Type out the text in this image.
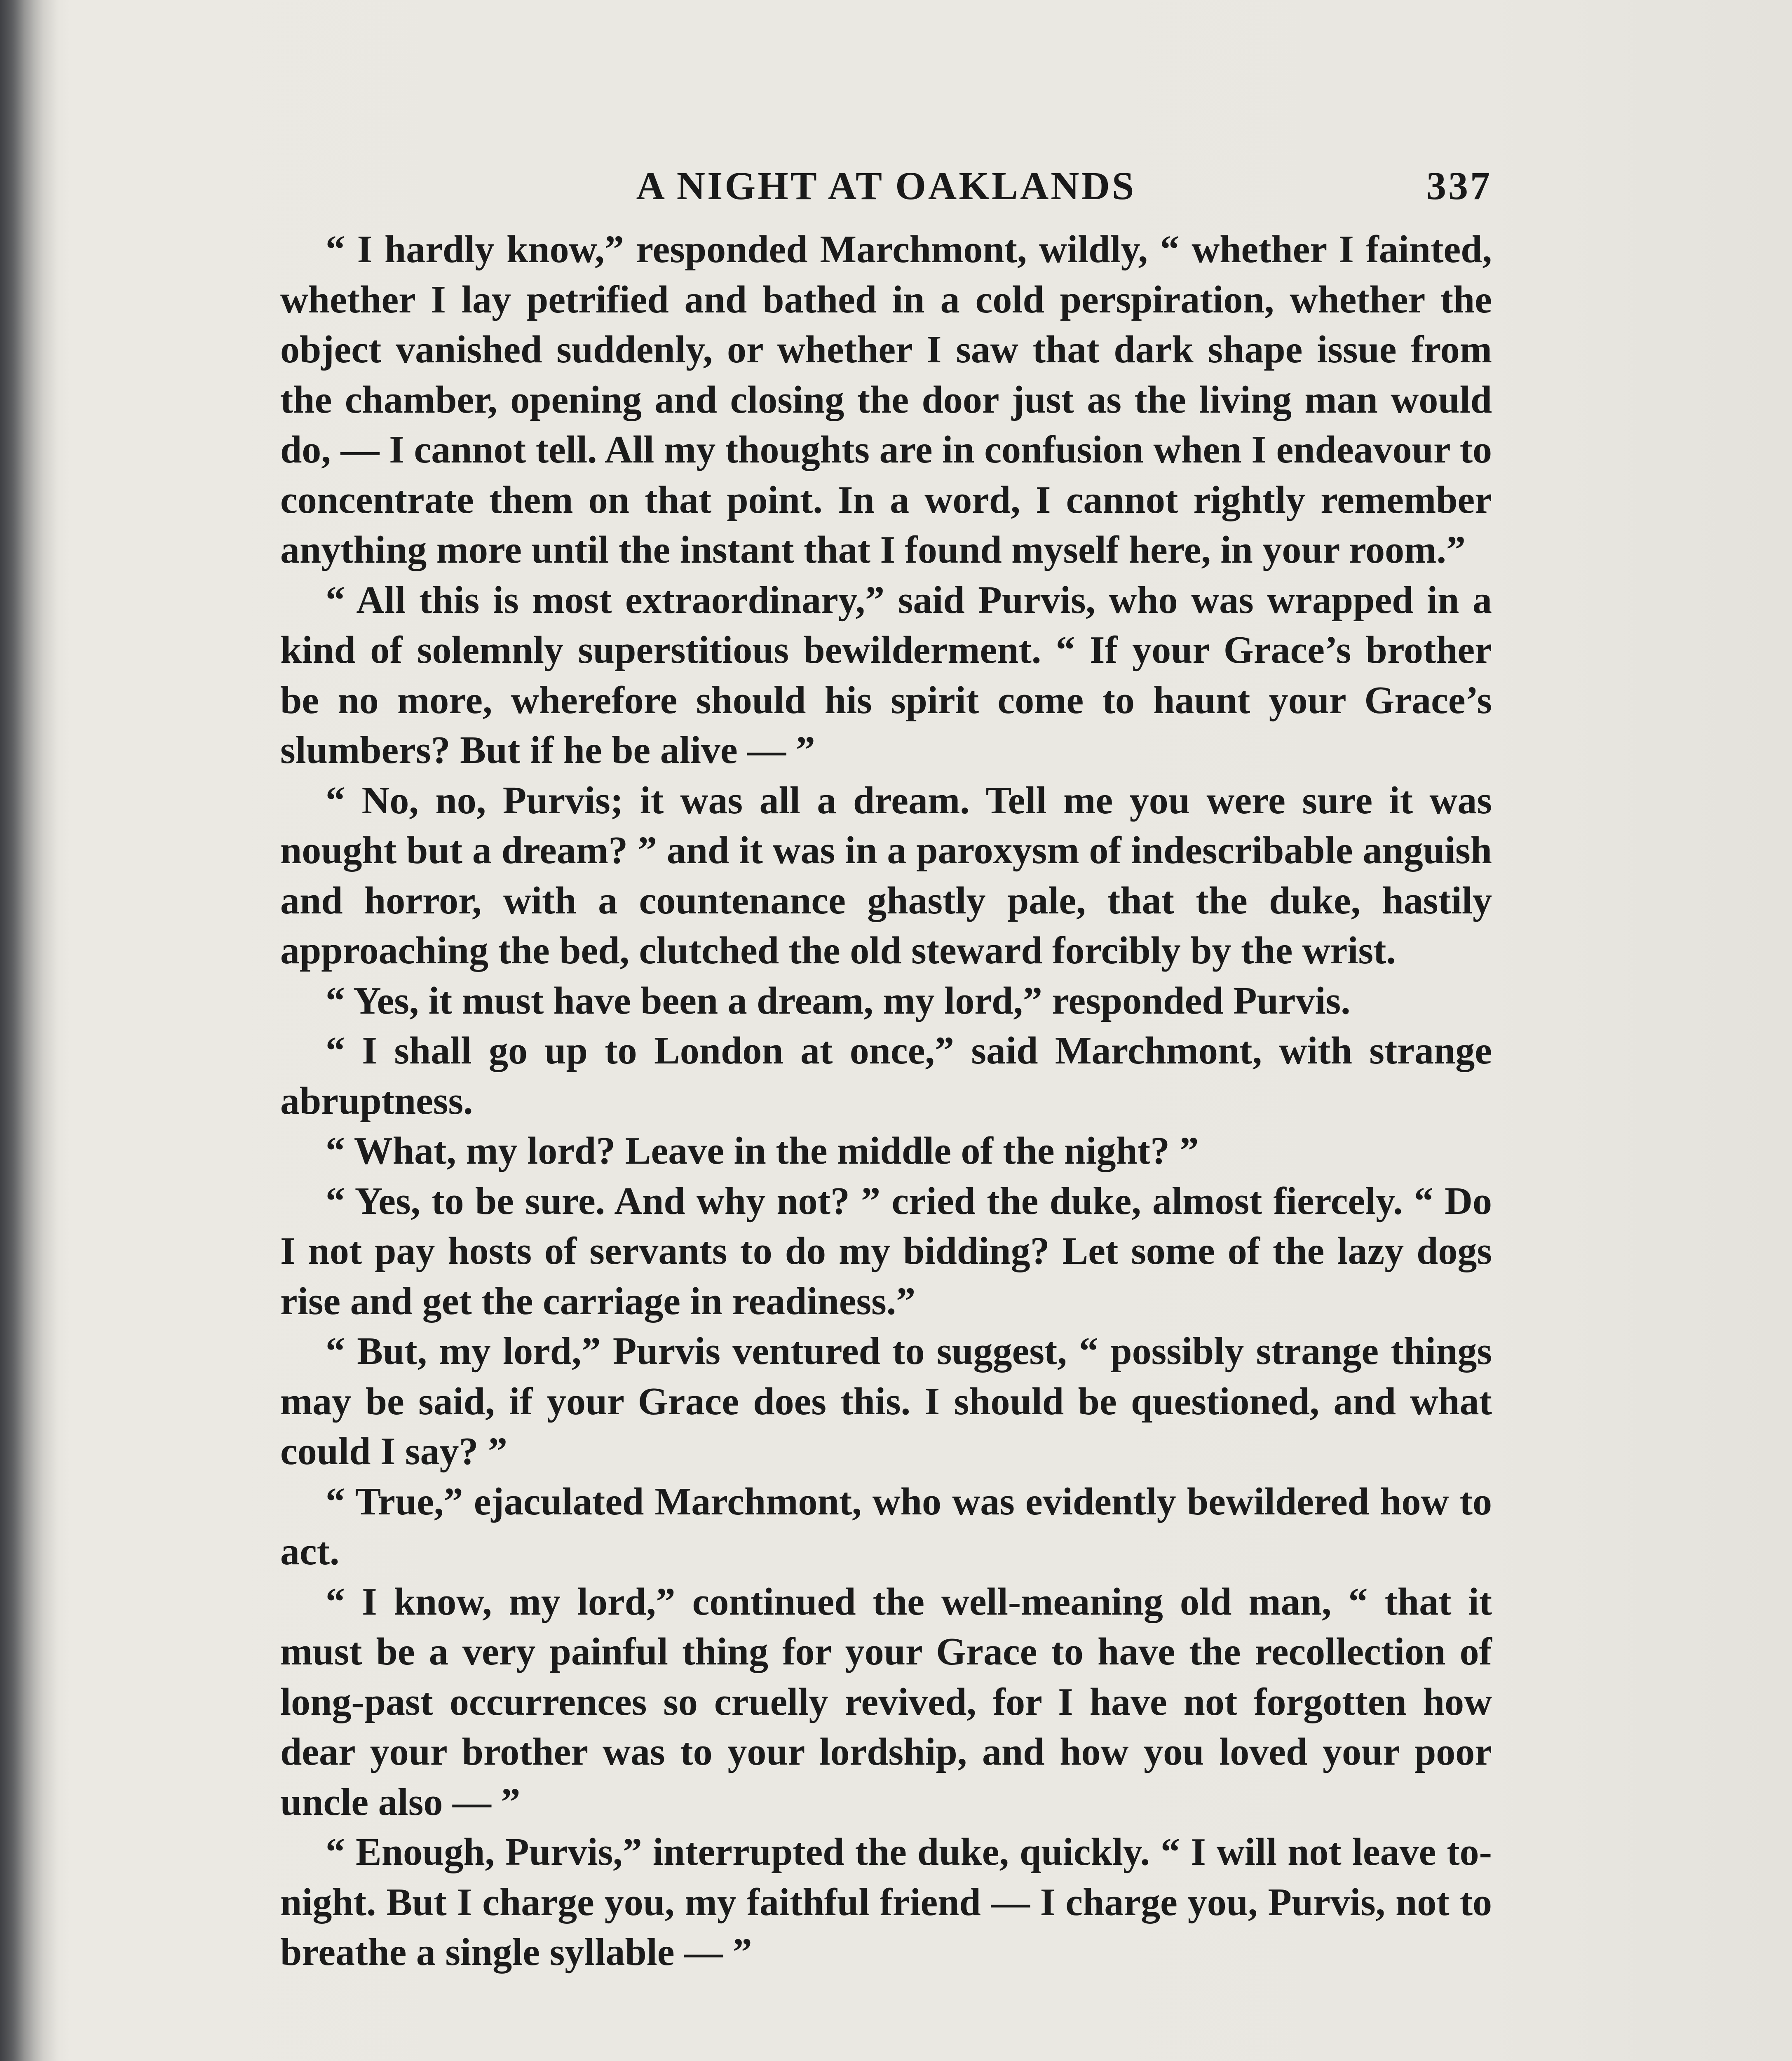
A NIGHT AT OAKLANDS	337

“ I hardly know,” responded Marchmont, wildly, “ whether I fainted, whether I lay petrified and bathed in a cold perspiration, whether the object vanished suddenly, or whether I saw that dark shape issue from the chamber, opening and closing the door just as the living man would do, — I cannot tell. All my thoughts are in confusion when I endeavour to concentrate them on that point. In a word, I cannot rightly remember anything more until the instant that I found myself here, in your room.”

“ All this is most extraordinary,” said Purvis, who was wrapped in a kind of solemnly superstitious bewilderment. “ If your Grace’s brother be no more, wherefore should his spirit come to haunt your Grace’s slumbers? But if he be alive — ”

“ No, no, Purvis; it was all a dream. Tell me you were sure it was nought but a dream? ” and it was in a paroxysm of indescribable anguish and horror, with a countenance ghastly pale, that the duke, hastily approaching the bed, clutched the old steward forcibly by the wrist.

“ Yes, it must have been a dream, my lord,” responded Purvis.

“ I shall go up to London at once,” said Marchmont, with strange abruptness.

“ What, my lord? Leave in the middle of the night? ”

“ Yes, to be sure. And why not? ” cried the duke, almost fiercely. “ Do I not pay hosts of servants to do my bidding? Let some of the lazy dogs rise and get the carriage in readiness.”

“ But, my lord,” Purvis ventured to suggest, “ possibly strange things may be said, if your Grace does this. I should be questioned, and what could I say? ”

“ True,” ejaculated Marchmont, who was evidently bewildered how to act.

“ I know, my lord,” continued the well-meaning old man, “ that it must be a very painful thing for your Grace to have the recollection of long-past occurrences so cruelly revived, for I have not forgotten how dear your brother was to your lordship, and how you loved your poor uncle also — ”

“ Enough, Purvis,” interrupted the duke, quickly. “ I will not leave to-night. But I charge you, my faithful friend — I charge you, Purvis, not to breathe a single syllable — ”
